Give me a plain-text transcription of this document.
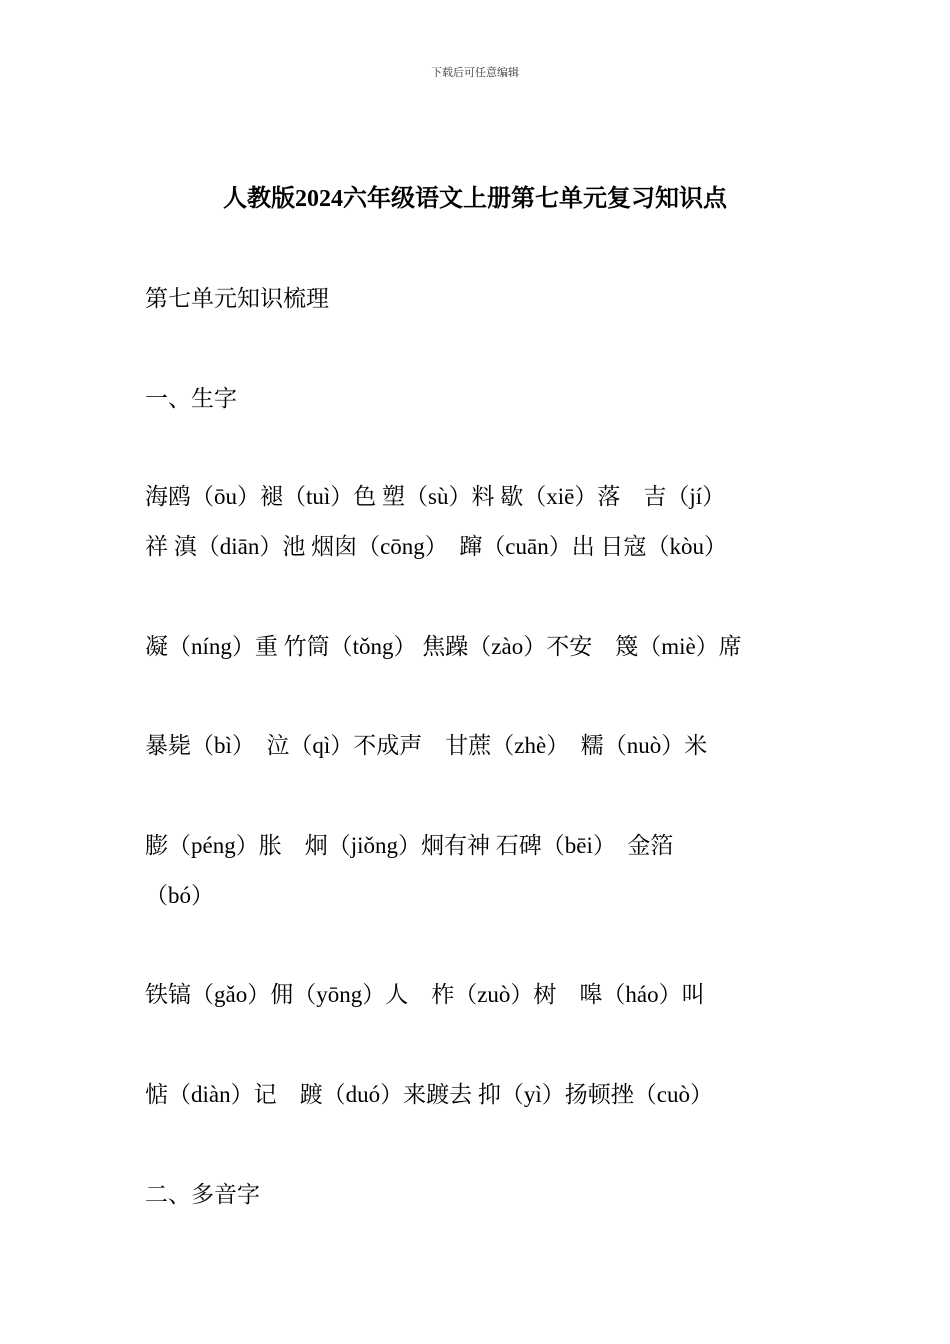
下载后可任意编辑
人教版2024六年级语文上册第七单元复习知识点
第七单元知识梳理
一、生字
海鸥（ōu）褪（tuì）色 塑（sù）料 歇（xiē）落　吉（jí）
祥 滇（diān）池 烟囱（cōng）　蹿（cuān）出 日寇（kòu）
凝（níng）重 竹筒（tǒng） 焦躁（zào）不安　篾（miè）席
暴毙（bì）　泣（qì）不成声　甘蔗（zhè）　糯（nuò）米
膨（péng）胀　炯（jiǒng）炯有神 石碑（bēi）　金箔
（bó）
铁镐（gǎo）佣（yōng）人　柞（zuò）树　嗥（háo）叫
惦（diàn）记　踱（duó）来踱去 抑（yì）扬顿挫（cuò）
二、多音字
